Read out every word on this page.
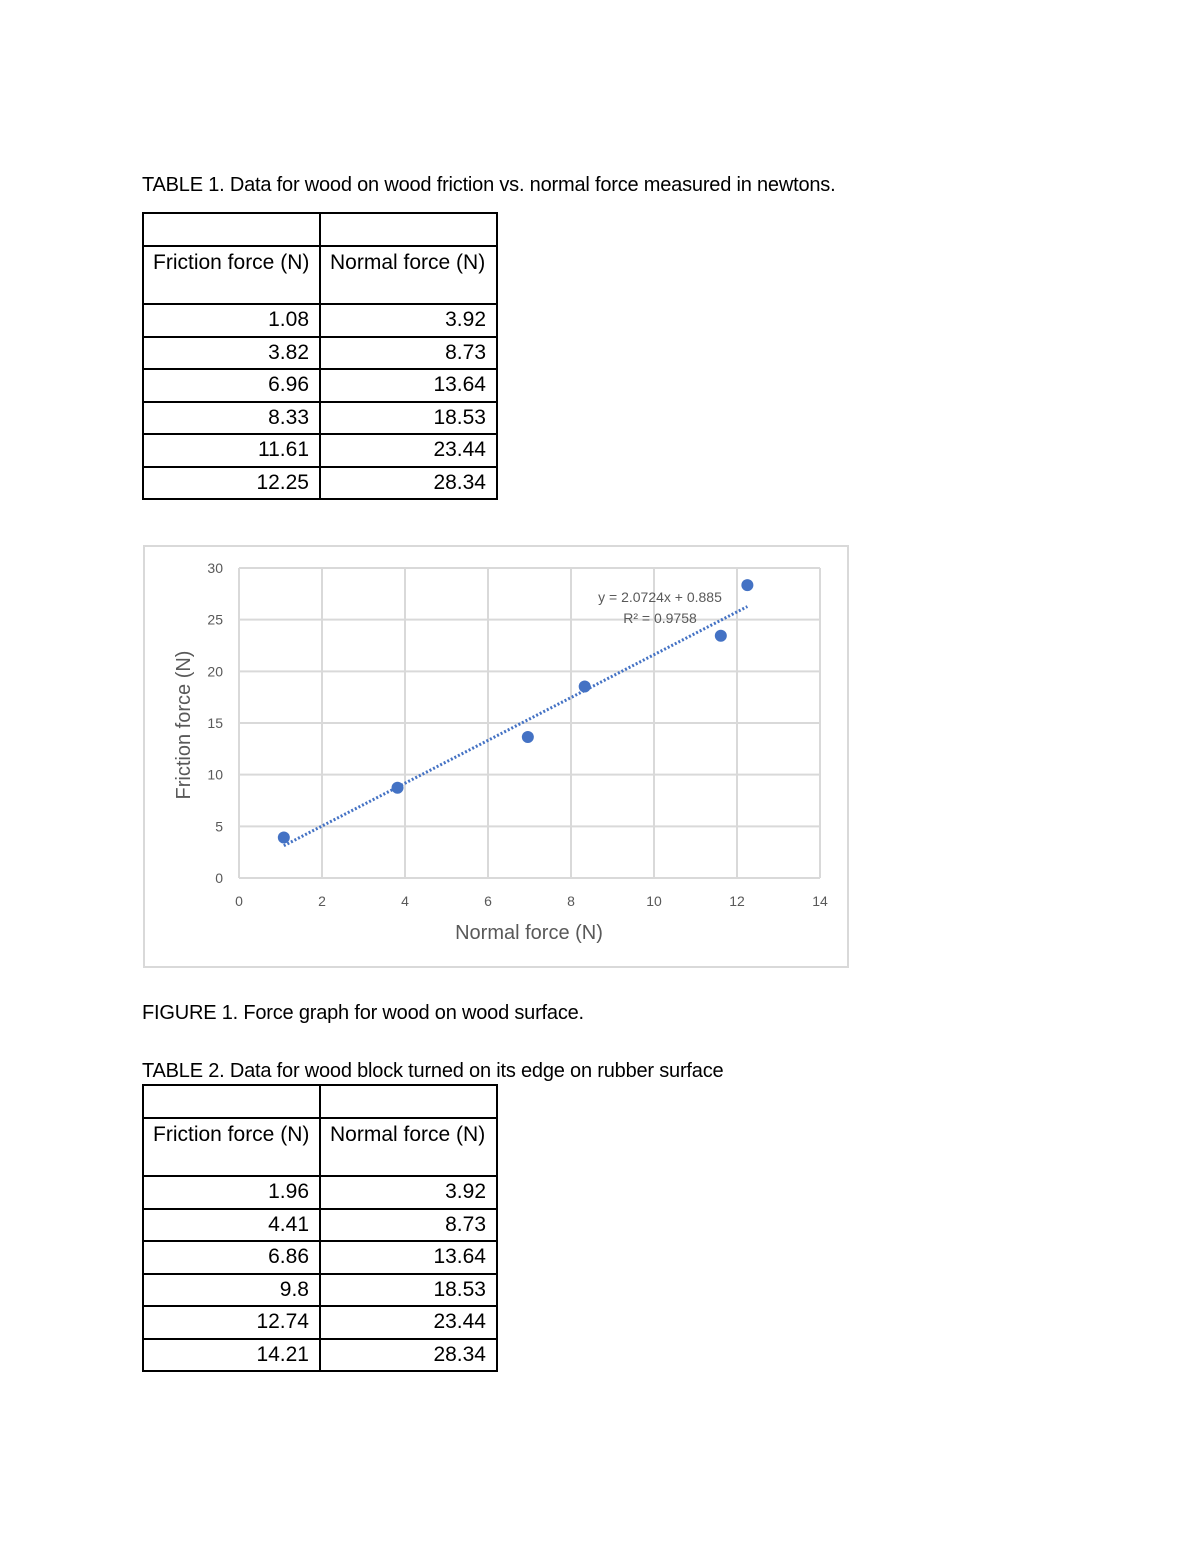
TABLE 1. Data for wood on wood friction vs. normal force measured in newtons.

Friction force (N)	Normal force (N)
1.08	3.92
3.82	8.73
6.96	13.64
8.33	18.53
11.61	23.44
12.25	28.34
0	2	4	6	8	10	12	14
0
5
10
15
20
25
30
y = 2.0724x + 0.885
R² = 0.9758
Normal force (N)
Friction force (N)
FIGURE 1. Force graph for wood on wood surface.
TABLE 2. Data for wood block turned on its edge on rubber surface

Friction force (N)	Normal force (N)
1.96	3.92
4.41	8.73
6.86	13.64
9.8	18.53
12.74	23.44
14.21	28.34
